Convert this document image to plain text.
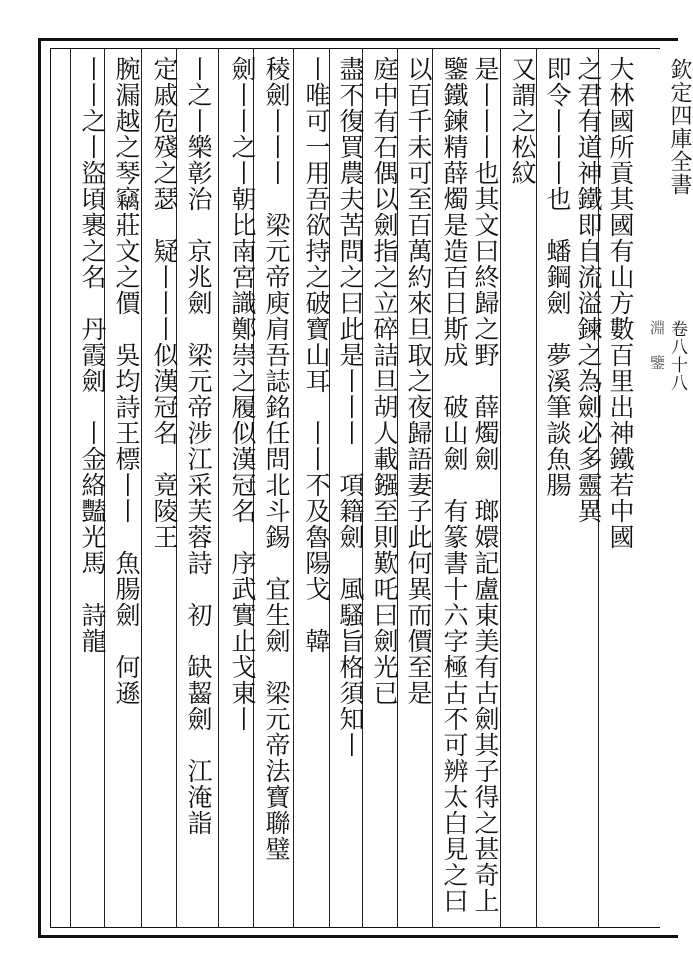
欽定四庫全書
卷八十八
淵 鑒
大林國所貢其國有山方數百里出神鐵若中國
之君有道神鐵即自流溢鍊之為劍必多靈異
即令丨丨丨也　蟠鋼劍　夢溪筆談魚腸
又謂之松紋
是丨丨丨也其文曰終歸之野　薛燭劍　瑯嬛記盧東美有古劍其子得之甚奇上
鑒鐵鍊精薛燭是造百日斯成　破山劍　有篆書十六字極古不可辨太白見之曰
以百千未可至百萬約來旦取之夜歸語妻子此何異而價至是
庭中有石偶以劍指之立碎詰旦胡人載鏹至則歎吒曰劍光已
盡不復買農夫苦問之曰此是丨丨丨　項籍劍　風騷旨格須知丨
丨唯可一用吾欲持之破寶山耳　丨丨不及魯陽戈　韓
稜劍丨丨丨　梁元帝庾肩吾誌銘任問北斗錫　宜生劍　梁元帝法寶聯璧
劍丨丨之丨朝比南宮識鄭崇之履似漢冠名　序武實止戈東丨
丨之丨樂彰治　京兆劍　梁元帝涉江采芙蓉詩　初　缺齧劍　江淹詣
定戚危殘之瑟　疑丨丨丨似漢冠名　竟陵王
腕漏越之琴竊莊文之價　吳均詩王標丨丨　魚腸劍　何遜
丨丨之丨盜頃裹之名　丹霞劍　丨金絡豔光馬　詩龍
